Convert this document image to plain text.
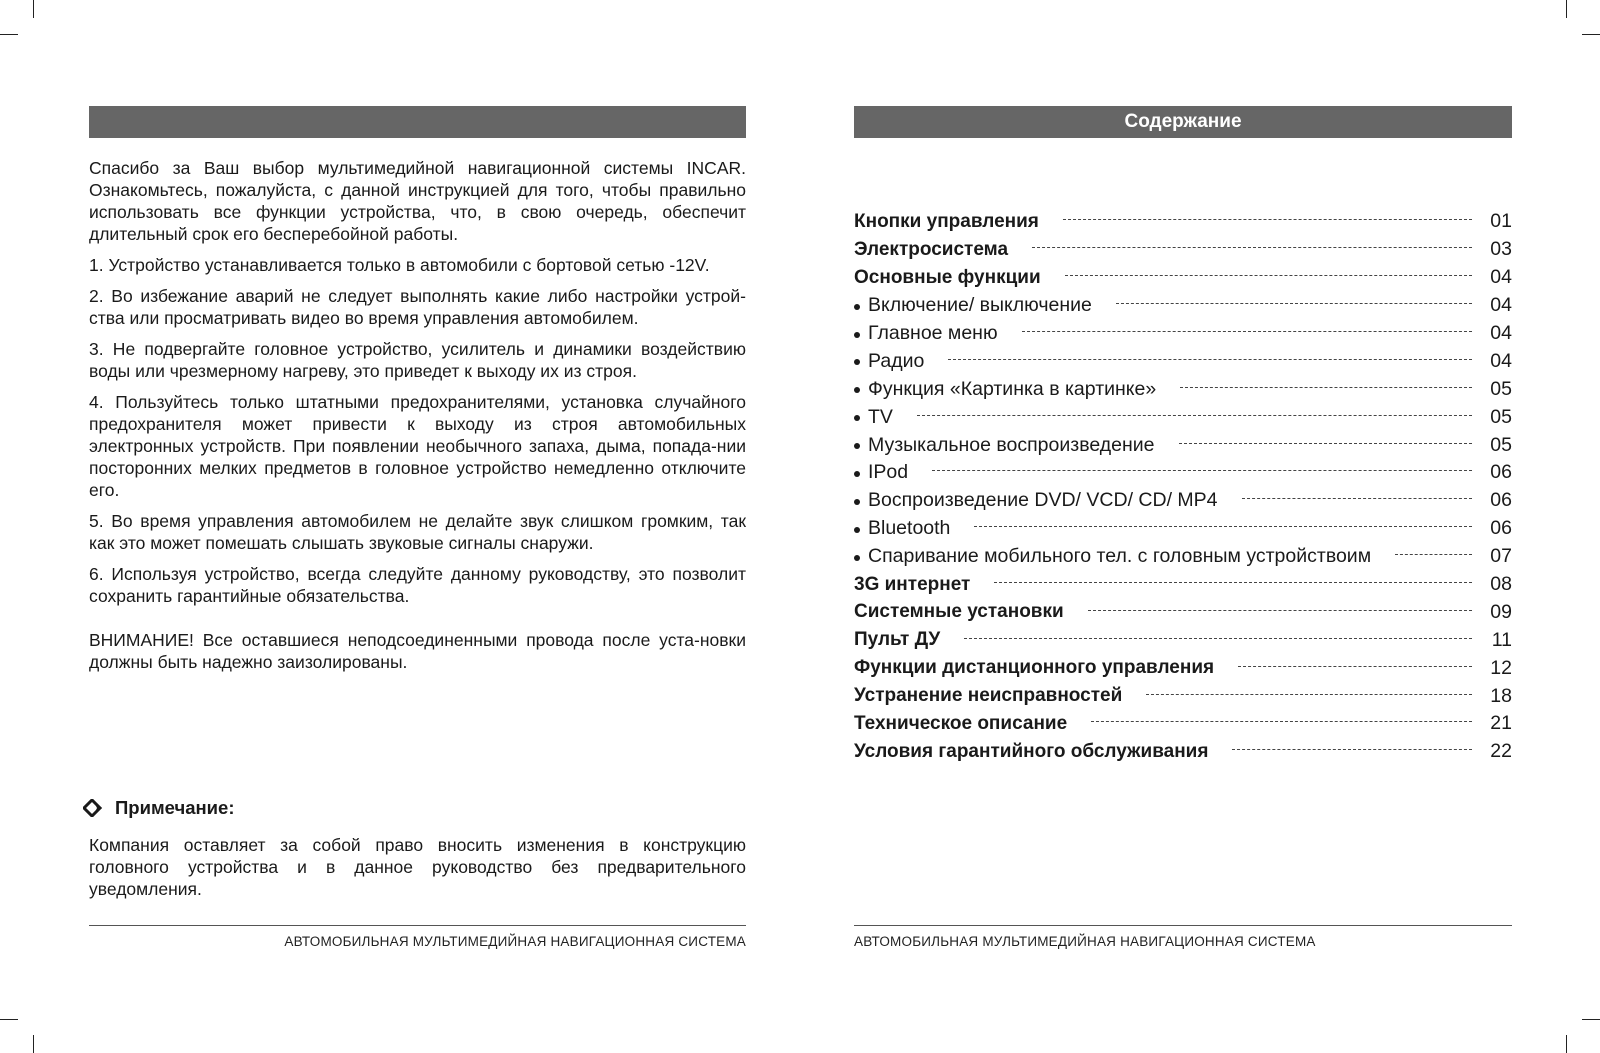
Спасибо за Ваш выбор мультимедийной навигационной системы INCAR. Ознакомьтесь, пожалуйста, с данной инструкцией для того, чтобы правильно использовать все функции устройства, что, в свою очередь, обеспечит длительный срок его бесперебойной работы.

1. Устройство устанавливается только в автомобили с бортовой сетью -12V.

2. Во избежание аварий не следует выполнять какие либо настройки устрой-ства или просматривать видео во время управления автомобилем.

3. Не подвергайте головное устройство, усилитель и динамики воздействию воды или чрезмерному нагреву, это приведет к выходу их из строя.

4. Пользуйтесь только штатными предохранителями, установка случайного предохранителя может привести к выходу из строя автомобильных электронных устройств. При появлении необычного запаха, дыма, попада-нии посторонних мелких предметов в головное устройство немедленно отключите его.

5. Во время управления автомобилем не делайте звук слишком громким, так как это может помешать слышать звуковые сигналы снаружи.

6. Используя устройство, всегда следуйте данному руководству, это позволит сохранить гарантийные обязательства.

ВНИМАНИЕ! Все оставшиеся неподсоединенными провода после уста-новки должны быть надежно заизолированы.

Примечание:

Компания оставляет за собой право вносить изменения в конструкцию головного устройства и в данное руководство без предварительного уведомления.

АВТОМОБИЛЬНАЯ МУЛЬТИМЕДИЙНАЯ НАВИГАЦИОННАЯ СИСТЕМА
Содержание
Кнопки управления	01
Электросистема	03
Основные функции	04
Включение/ выключение	04
Главное меню	04
Радио	04
Функция «Картинка в картинке»	05
TV	05
Музыкальное воспроизведение	05
IPod	06
Воспроизведение DVD/ VCD/ CD/ MP4	06
Bluetooth	06
Спаривание мобильного тел. с головным устройствоим	07
3G интернет	08
Системные установки	09
Пульт ДУ	11
Функции дистанционного управления	12
Устранение неисправностей	18
Техническое описание	21
Условия гарантийного обслуживания	22
АВТОМОБИЛЬНАЯ МУЛЬТИМЕДИЙНАЯ НАВИГАЦИОННАЯ СИСТЕМА
